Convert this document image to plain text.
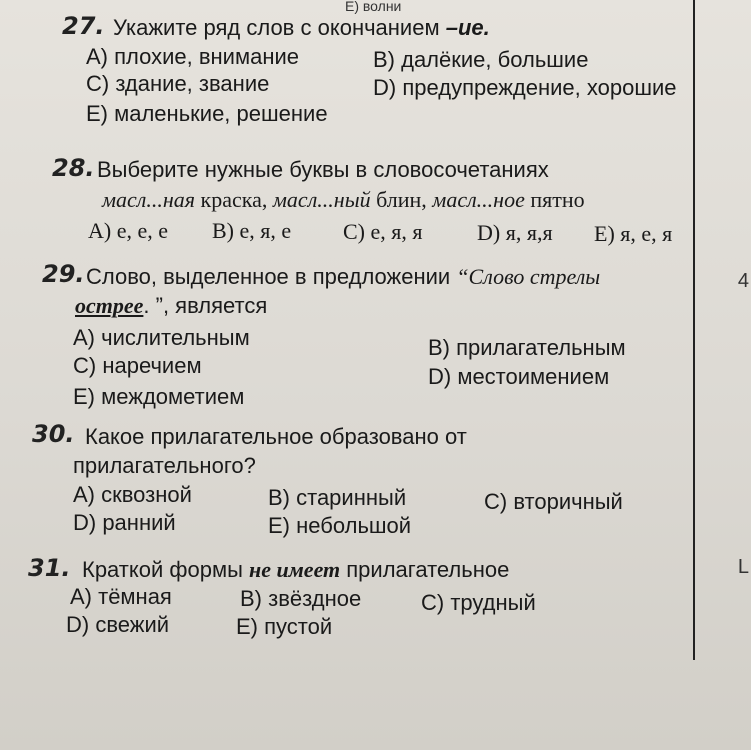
Е) волни
27. Укажите ряд слов с окончанием –ие.
A) плохие, внимание	B) далёкие, большие
C) здание, звание	D) предупреждение, хорошие
E) маленькие, решение
28. Выберите нужные буквы в словосочетаниях
масл...ная краска, масл...ный блин, масл...ное пятно
A) е, е, е B) е, я, е C) е, я, я D) я, я,я E) я, е, я
29. Слово, выделенное в предложении “Слово стрелы
острее. ”, является
A) числительным	B) прилагательным
C) наречием	D) местоимением
E) междометием
30. Какое прилагательное образовано от
прилагательного?
A) сквозной	B) старинный	C) вторичный
D) ранний	E) небольшой
31. Краткой формы не имеет прилагательное
A) тёмная	B) звёздное	C) трудный
D) свежий	E) пустой
4
L
